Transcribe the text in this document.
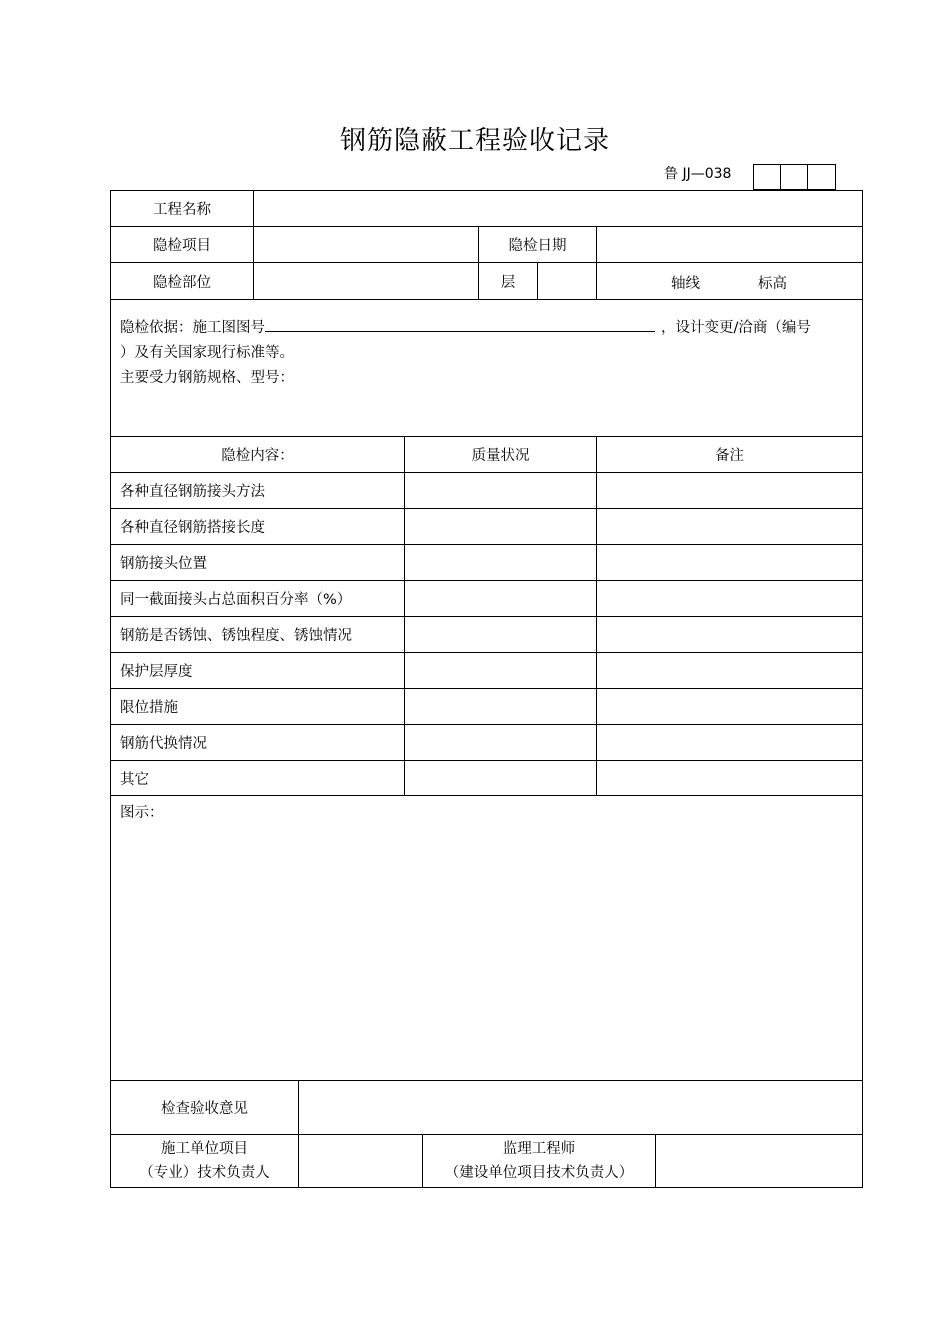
钢筋隐蔽工程验收记录
鲁 JJ—038
工程名称
隐检项目	隐检日期
隐检部位	层	轴线	标高
隐检依据：施工图图号	，设计变更/洽商（编号
）及有关国家现行标准等。
主要受力钢筋规格、型号：
隐检内容：	质量状况	备注
各种直径钢筋接头方法
各种直径钢筋搭接长度
钢筋接头位置
同一截面接头占总面积百分率（%）
钢筋是否锈蚀、锈蚀程度、锈蚀情况
保护层厚度
限位措施
钢筋代换情况
其它
图示：
检查验收意见
施工单位项目
（专业）技术负责人
监理工程师
（建设单位项目技术负责人）
